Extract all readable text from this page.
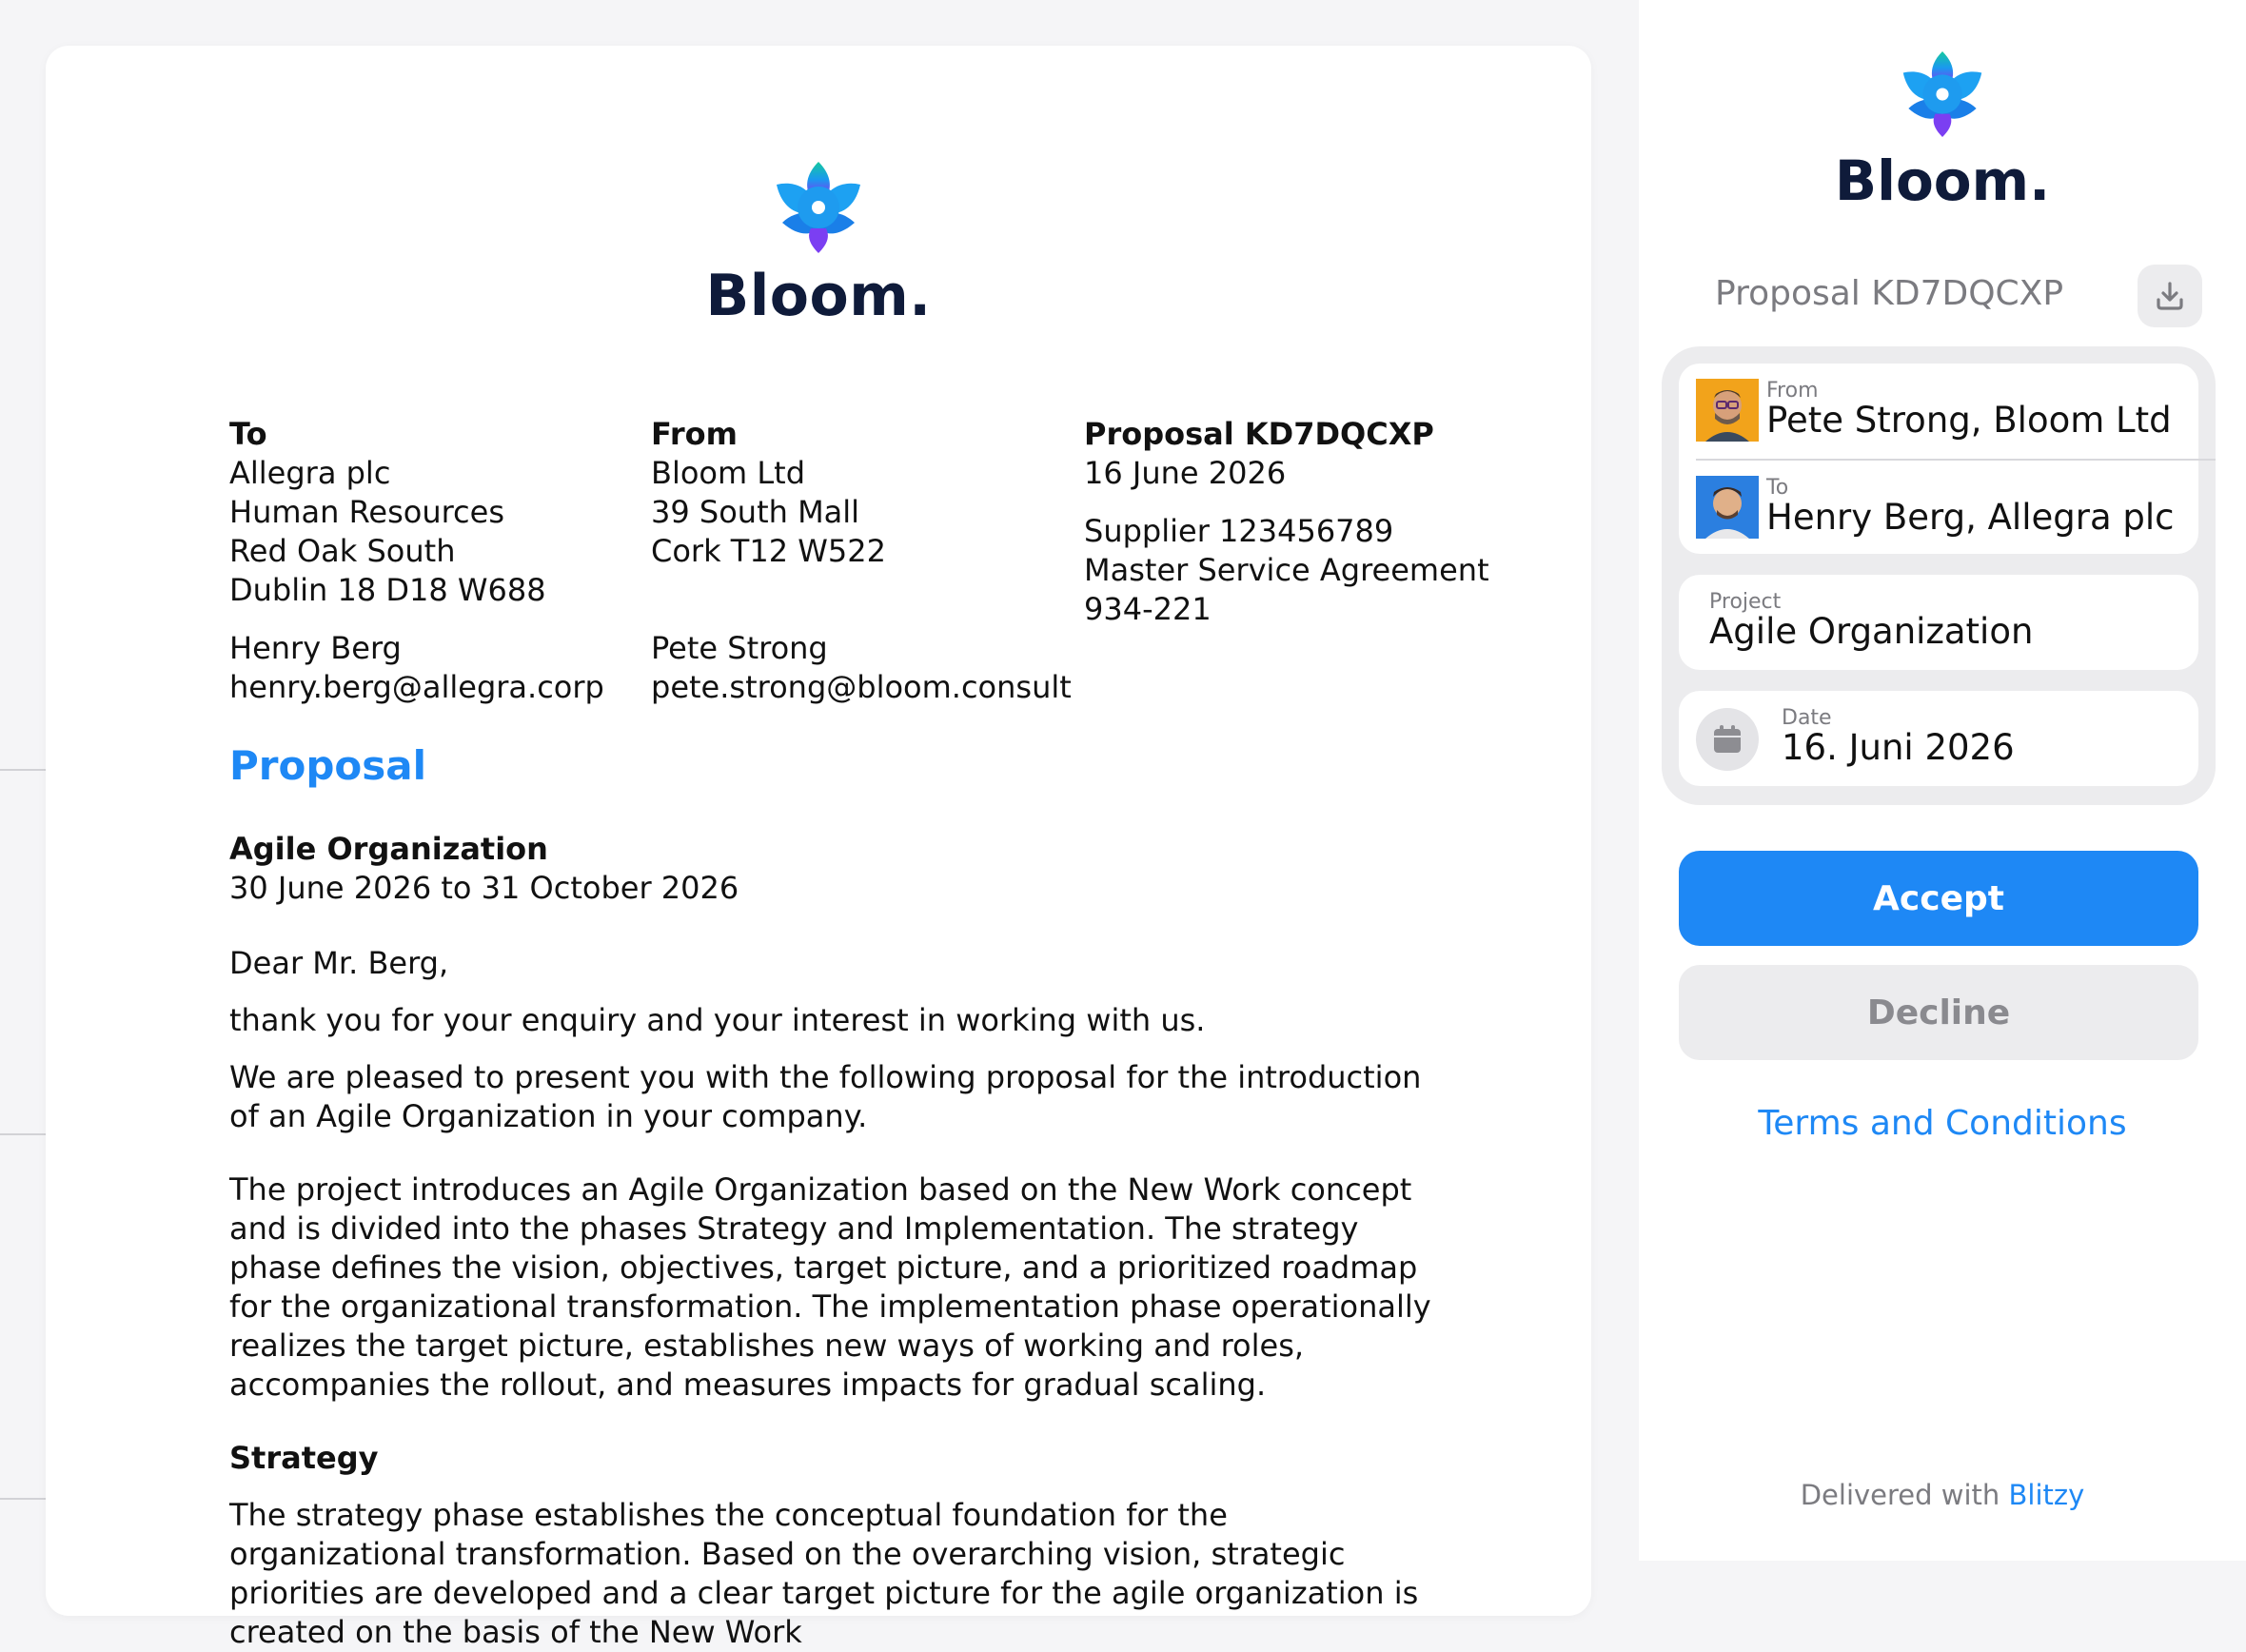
Bloom.
To
Allegra plc
Human Resources
Red Oak South
Dublin 18 D18 W688
Henry Berg
henry.berg@allegra.corp
From
Bloom Ltd
39 South Mall
Cork T12 W522
Pete Strong
pete.strong@bloom.consult
Proposal KD7DQCXP
16 June 2026
Supplier 123456789
Master Service Agreement
934-221
Proposal

Agile Organization

30 June 2026 to 31 October 2026

Dear Mr. Berg,

thank you for your enquiry and your interest in working with us.

We are pleased to present you with the following proposal for the introduction of an Agile Organization in your company.

The project introduces an Agile Organization based on the New Work concept and is divided into the phases Strategy and Implementation. The strategy phase defines the vision, objectives, target picture, and a prioritized roadmap for the organizational transformation. The implementation phase operationally realizes the target picture, establishes new ways of working and roles, accompanies the rollout, and measures impacts for gradual scaling.

Strategy

The strategy phase establishes the conceptual foundation for the organizational transformation. Based on the overarching vision, strategic priorities are developed and a clear target picture for the agile organization is created on the basis of the New Work

Bloom.
Proposal KD7DQCXP
From
Pete Strong, Bloom Ltd
To
Henry Berg, Allegra plc
Project
Agile Organization
Date
16. Juni 2026
Accept
Decline
Terms and Conditions
Delivered with Blitzy
